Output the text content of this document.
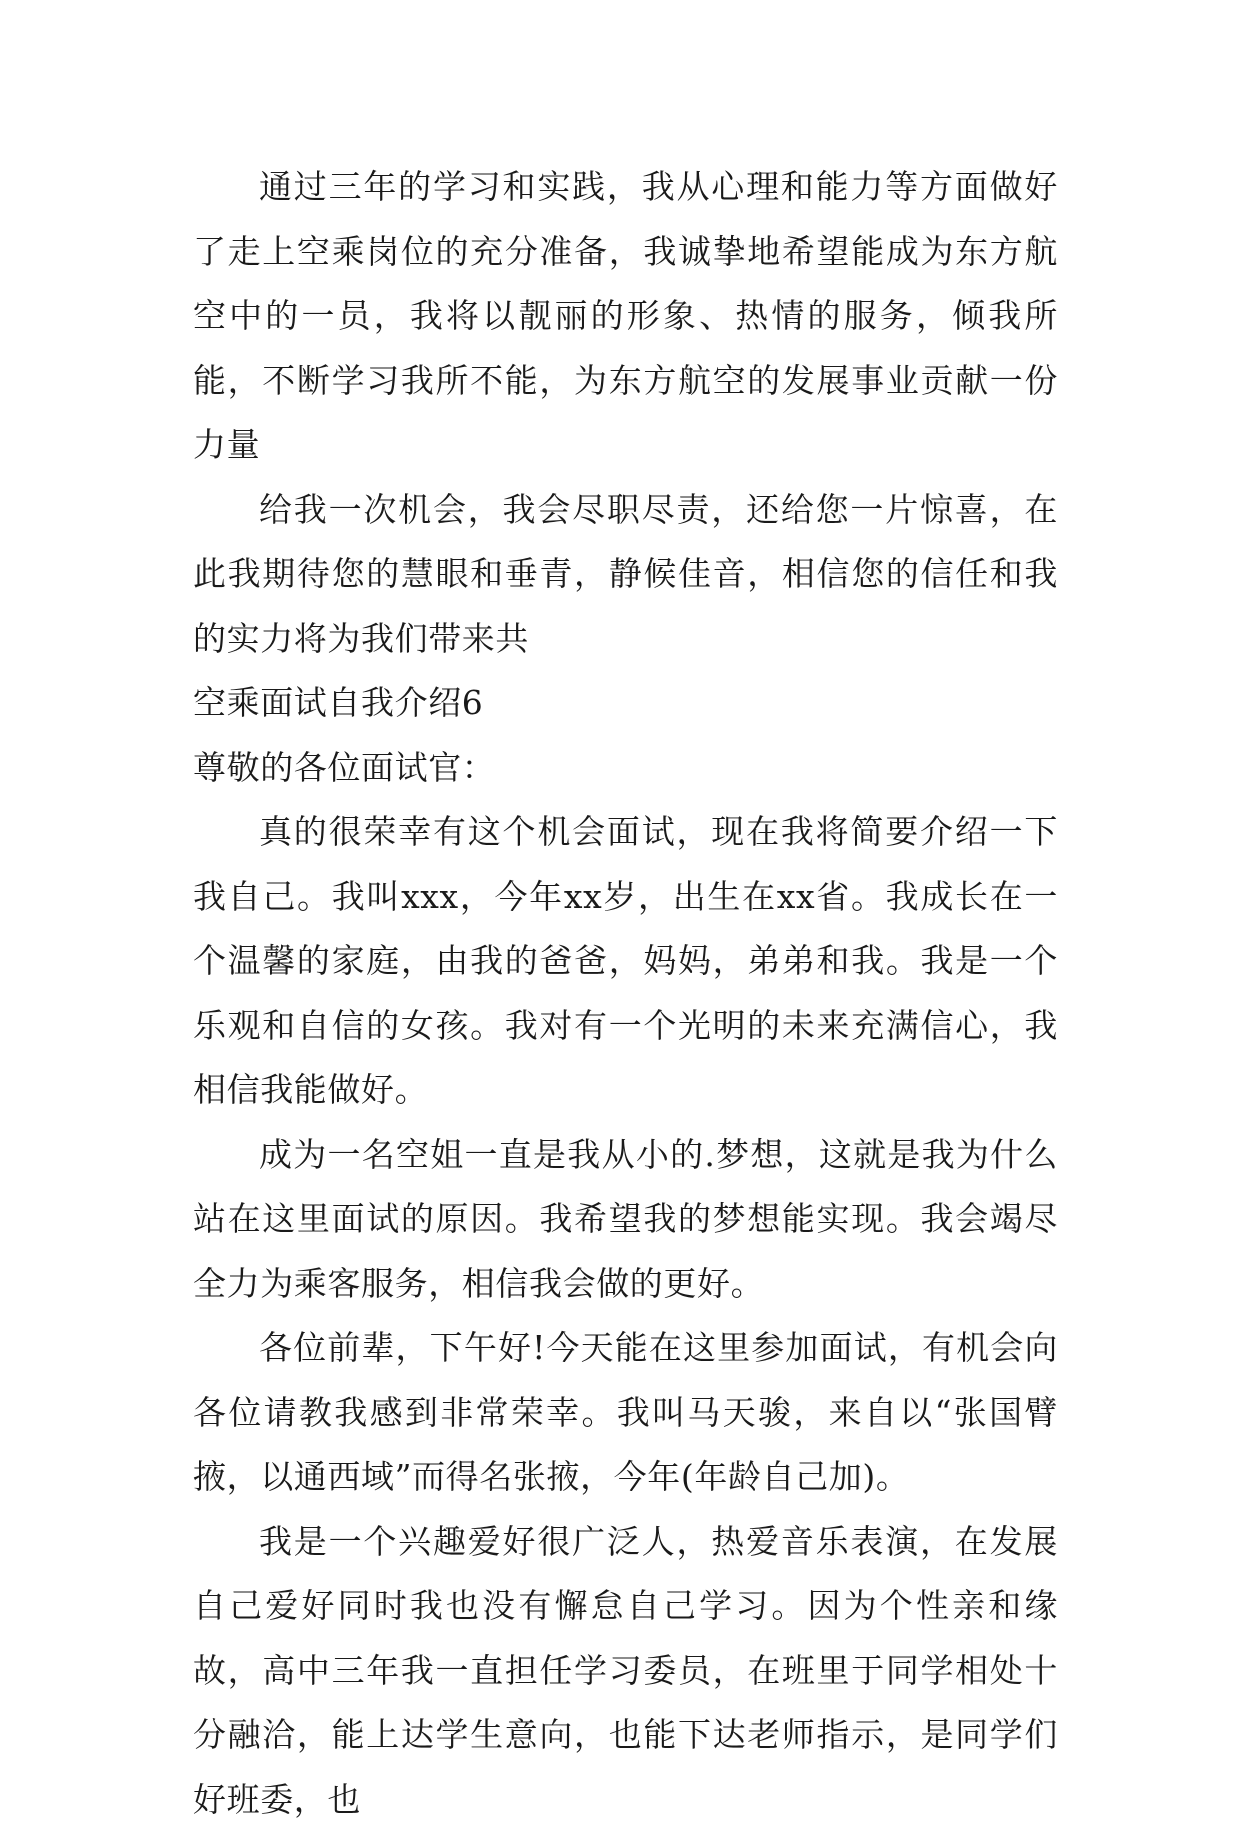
通过三年的学习和实践，我从心理和能力等方面做好了走上空乘岗位的充分准备，我诚挚地希望能成为东方航空中的一员，我将以靓丽的形象、热情的服务，倾我所能，不断学习我所不能，为东方航空的发展事业贡献一份力量

给我一次机会，我会尽职尽责，还给您一片惊喜，在此我期待您的慧眼和垂青，静候佳音，相信您的信任和我的实力将为我们带来共

空乘面试自我介绍6

尊敬的各位面试官：

真的很荣幸有这个机会面试，现在我将简要介绍一下我自己。我叫xxx，今年xx岁，出生在xx省。我成长在一个温馨的家庭，由我的爸爸，妈妈，弟弟和我。我是一个乐观和自信的女孩。我对有一个光明的未来充满信心，我相信我能做好。

成为一名空姐一直是我从小的.梦想，这就是我为什么站在这里面试的原因。我希望我的梦想能实现。我会竭尽全力为乘客服务，相信我会做的更好。

各位前辈，下午好!今天能在这里参加面试，有机会向各位请教我感到非常荣幸。我叫马天骏，来自以“张国臂掖，以通西域”而得名张掖，今年(年龄自己加)。

我是一个兴趣爱好很广泛人，热爱音乐表演，在发展自己爱好同时我也没有懈怠自己学习。因为个性亲和缘故，高中三年我一直担任学习委员，在班里于同学相处十分融洽，能上达学生意向，也能下达老师指示，是同学们好班委，也
